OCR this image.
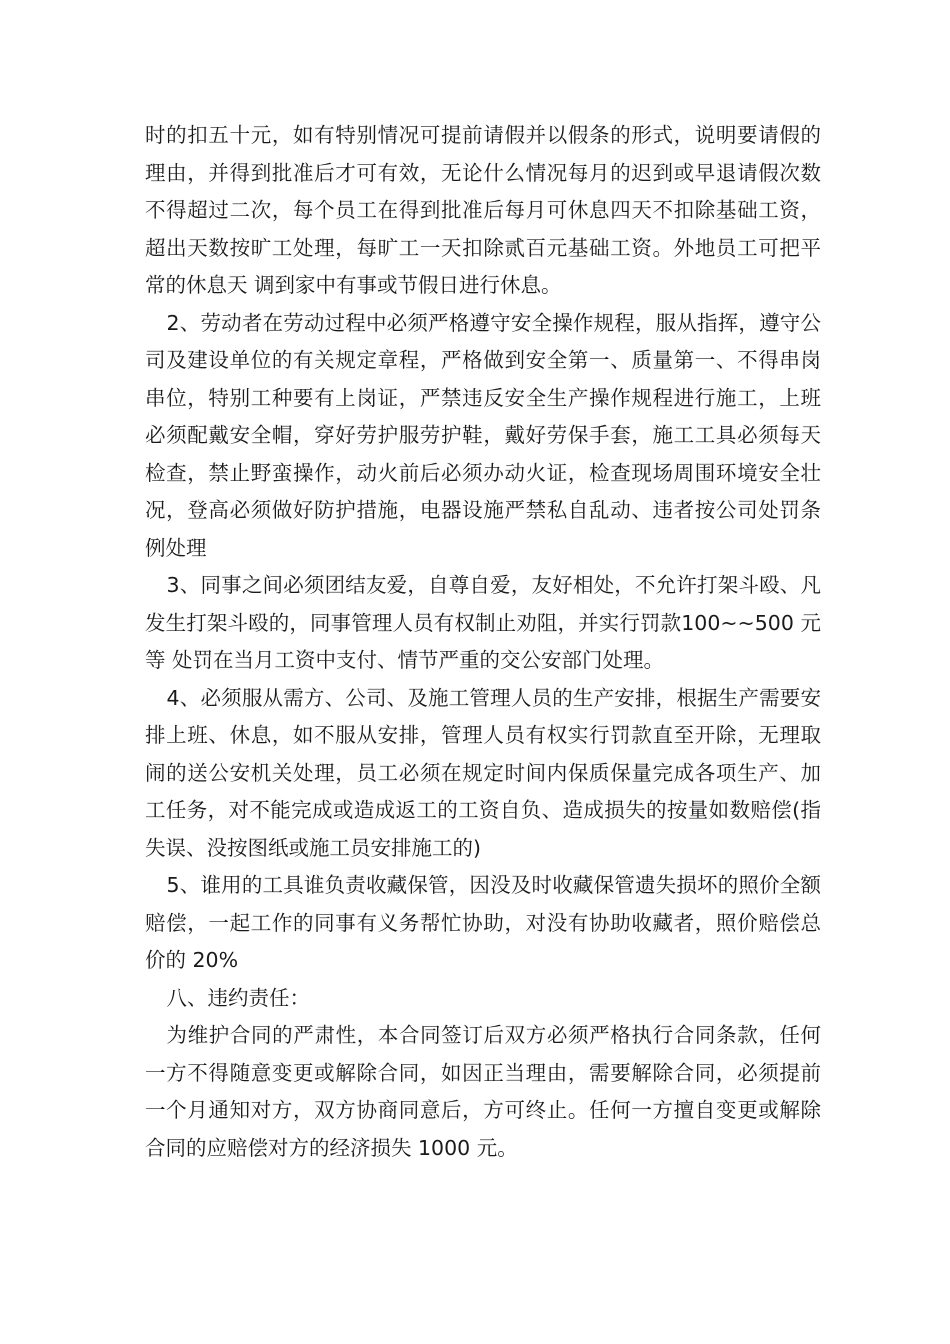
时的扣五十元，如有特别情况可提前请假并以假条的形式，说明要请假的理由，并得到批准后才可有效，无论什么情况每月的迟到或早退请假次数不得超过二次，每个员工在得到批准后每月可休息四天不扣除基础工资，超出天数按旷工处理，每旷工一天扣除贰百元基础工资。外地员工可把平常的休息天 调到家中有事或节假日进行休息。

2、劳动者在劳动过程中必须严格遵守安全操作规程，服从指挥，遵守公司及建设单位的有关规定章程，严格做到安全第一、质量第一、不得串岗串位，特别工种要有上岗证，严禁违反安全生产操作规程进行施工，上班必须配戴安全帽，穿好劳护服劳护鞋，戴好劳保手套，施工工具必须每天检查，禁止野蛮操作，动火前后必须办动火证，检查现场周围环境安全壮况，登高必须做好防护措施，电器设施严禁私自乱动、违者按公司处罚条例处理

3、同事之间必须团结友爱，自尊自爱，友好相处，不允许打架斗殴、凡发生打架斗殴的，同事管理人员有权制止劝阻，并实行罚款100~~500 元等 处罚在当月工资中支付、情节严重的交公安部门处理。

4、必须服从需方、公司、及施工管理人员的生产安排，根据生产需要安排上班、休息，如不服从安排，管理人员有权实行罚款直至开除，无理取闹的送公安机关处理，员工必须在规定时间内保质保量完成各项生产、加工任务，对不能完成或造成返工的工资自负、造成损失的按量如数赔偿(指失误、没按图纸或施工员安排施工的)

5、谁用的工具谁负责收藏保管，因没及时收藏保管遗失损坏的照价全额赔偿，一起工作的同事有义务帮忙协助，对没有协助收藏者，照价赔偿总价的 20%

八、违约责任：

为维护合同的严肃性，本合同签订后双方必须严格执行合同条款，任何一方不得随意变更或解除合同，如因正当理由，需要解除合同，必须提前一个月通知对方，双方协商同意后，方可终止。任何一方擅自变更或解除合同的应赔偿对方的经济损失 1000 元。
